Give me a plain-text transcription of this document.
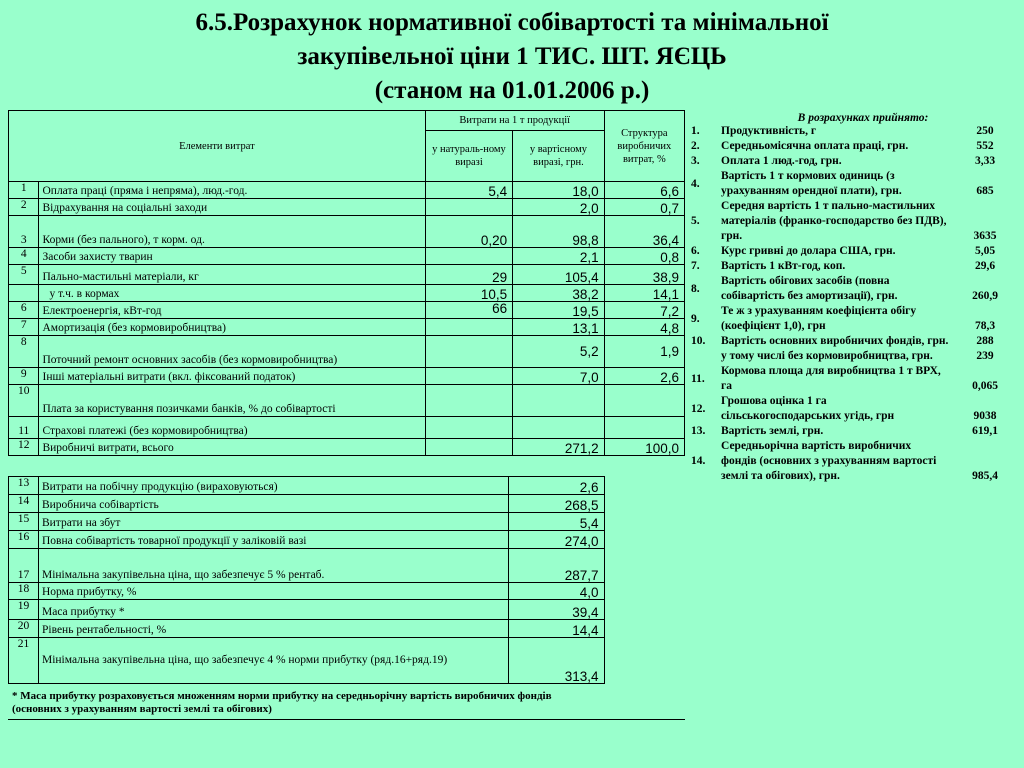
6.5.Розрахунок нормативної собівартості та мінімальної
закупівельної ціни 1 ТИС. ШТ. ЯЄЦЬ
(станом на 01.01.2006 р.)
Елементи витрат		Витрати на 1 т продукції		Структура виробничих витрат, %
		у натураль-ному виразі	у вартісному виразі, грн.	
1	Оплата праці (пряма і непряма), люд.-год.	5,4	18,0	6,6
2	Відрахування на соціальні заходи		2,0	0,7
3	Корми (без пального), т корм. од.	0,20	98,8	36,4
4	Засоби захисту тварин		2,1	0,8
5	Пально-мастильні матеріали, кг	29	105,4	38,9
	у т.ч. в кормах	10,5	38,2	14,1
6	Електроенергія, кВт-год	66	19,5	7,2
7	Амортизація (без кормовиробництва)		13,1	4,8
8	Поточний ремонт основних засобів (без кормовиробництва)		5,2	1,9
9	Інші матеріальні витрати (вкл. фіксований податок)		7,0	2,6
10	Плата за користування позичками банків, % до собівартості			
11	Страхові платежі (без кормовиробництва)			
12	Виробничі витрати, всього		271,2	100,0
13	Витрати на побічну продукцію (вираховуються)	2,6	
14	Виробнича собівартість	268,5	
15	Витрати на збут	5,4	
16	Повна собівартість товарної продукції у заліковій вазі	274,0	
17	Мінімальна закупівельна ціна, що забезпечує 5 % рентаб.	287,7	
18	Норма прибутку, %	4,0	
19	Маса прибутку *	39,4	
20	Рівень рентабельності, %	14,4	
21	Мінімальна закупівельна ціна, що забезпечує 4 % норми прибутку (ряд.16+ряд.19)	313,4	
* Маса прибутку розраховується множенням норми прибутку на середньорічну вартість виробничих фондів
(основних з урахуванням вартості землі та обігових)
В розрахунках прийнято:
1.	Продуктивність, г	250
2.	Середньомісячна оплата праці, грн.	552
3.	Оплата 1 люд.-год, грн.	3,33
4.	Вартість 1 т кормових одиниць (з урахуванням орендної плати), грн.	685
5.	Середня вартість 1 т пально-мастильних матеріалів (франко-господарство без ПДВ), грн.	3635
6.	Курс гривні до долара США, грн.	5,05
7.	Вартість 1 кВт-год, коп.	29,6
8.	Вартість обігових засобів (повна собівартість без амортизації), грн.	260,9
9.	Те ж з урахуванням коефіцієнта обігу (коефіцієнт 1,0), грн	78,3
10.	Вартість основних виробничих фондів, грн.	288
	у тому числі без кормовиробництва, грн.	239
11.	Кормова площа для виробництва 1 т ВРХ, га	0,065
12.	Грошова оцінка 1 га сільськогосподарських угідь, грн	9038
13.	Вартість землі, грн.	619,1
14.	Середньорічна вартість виробничих фондів (основних з урахуванням вартості землі та обігових), грн.	985,4
